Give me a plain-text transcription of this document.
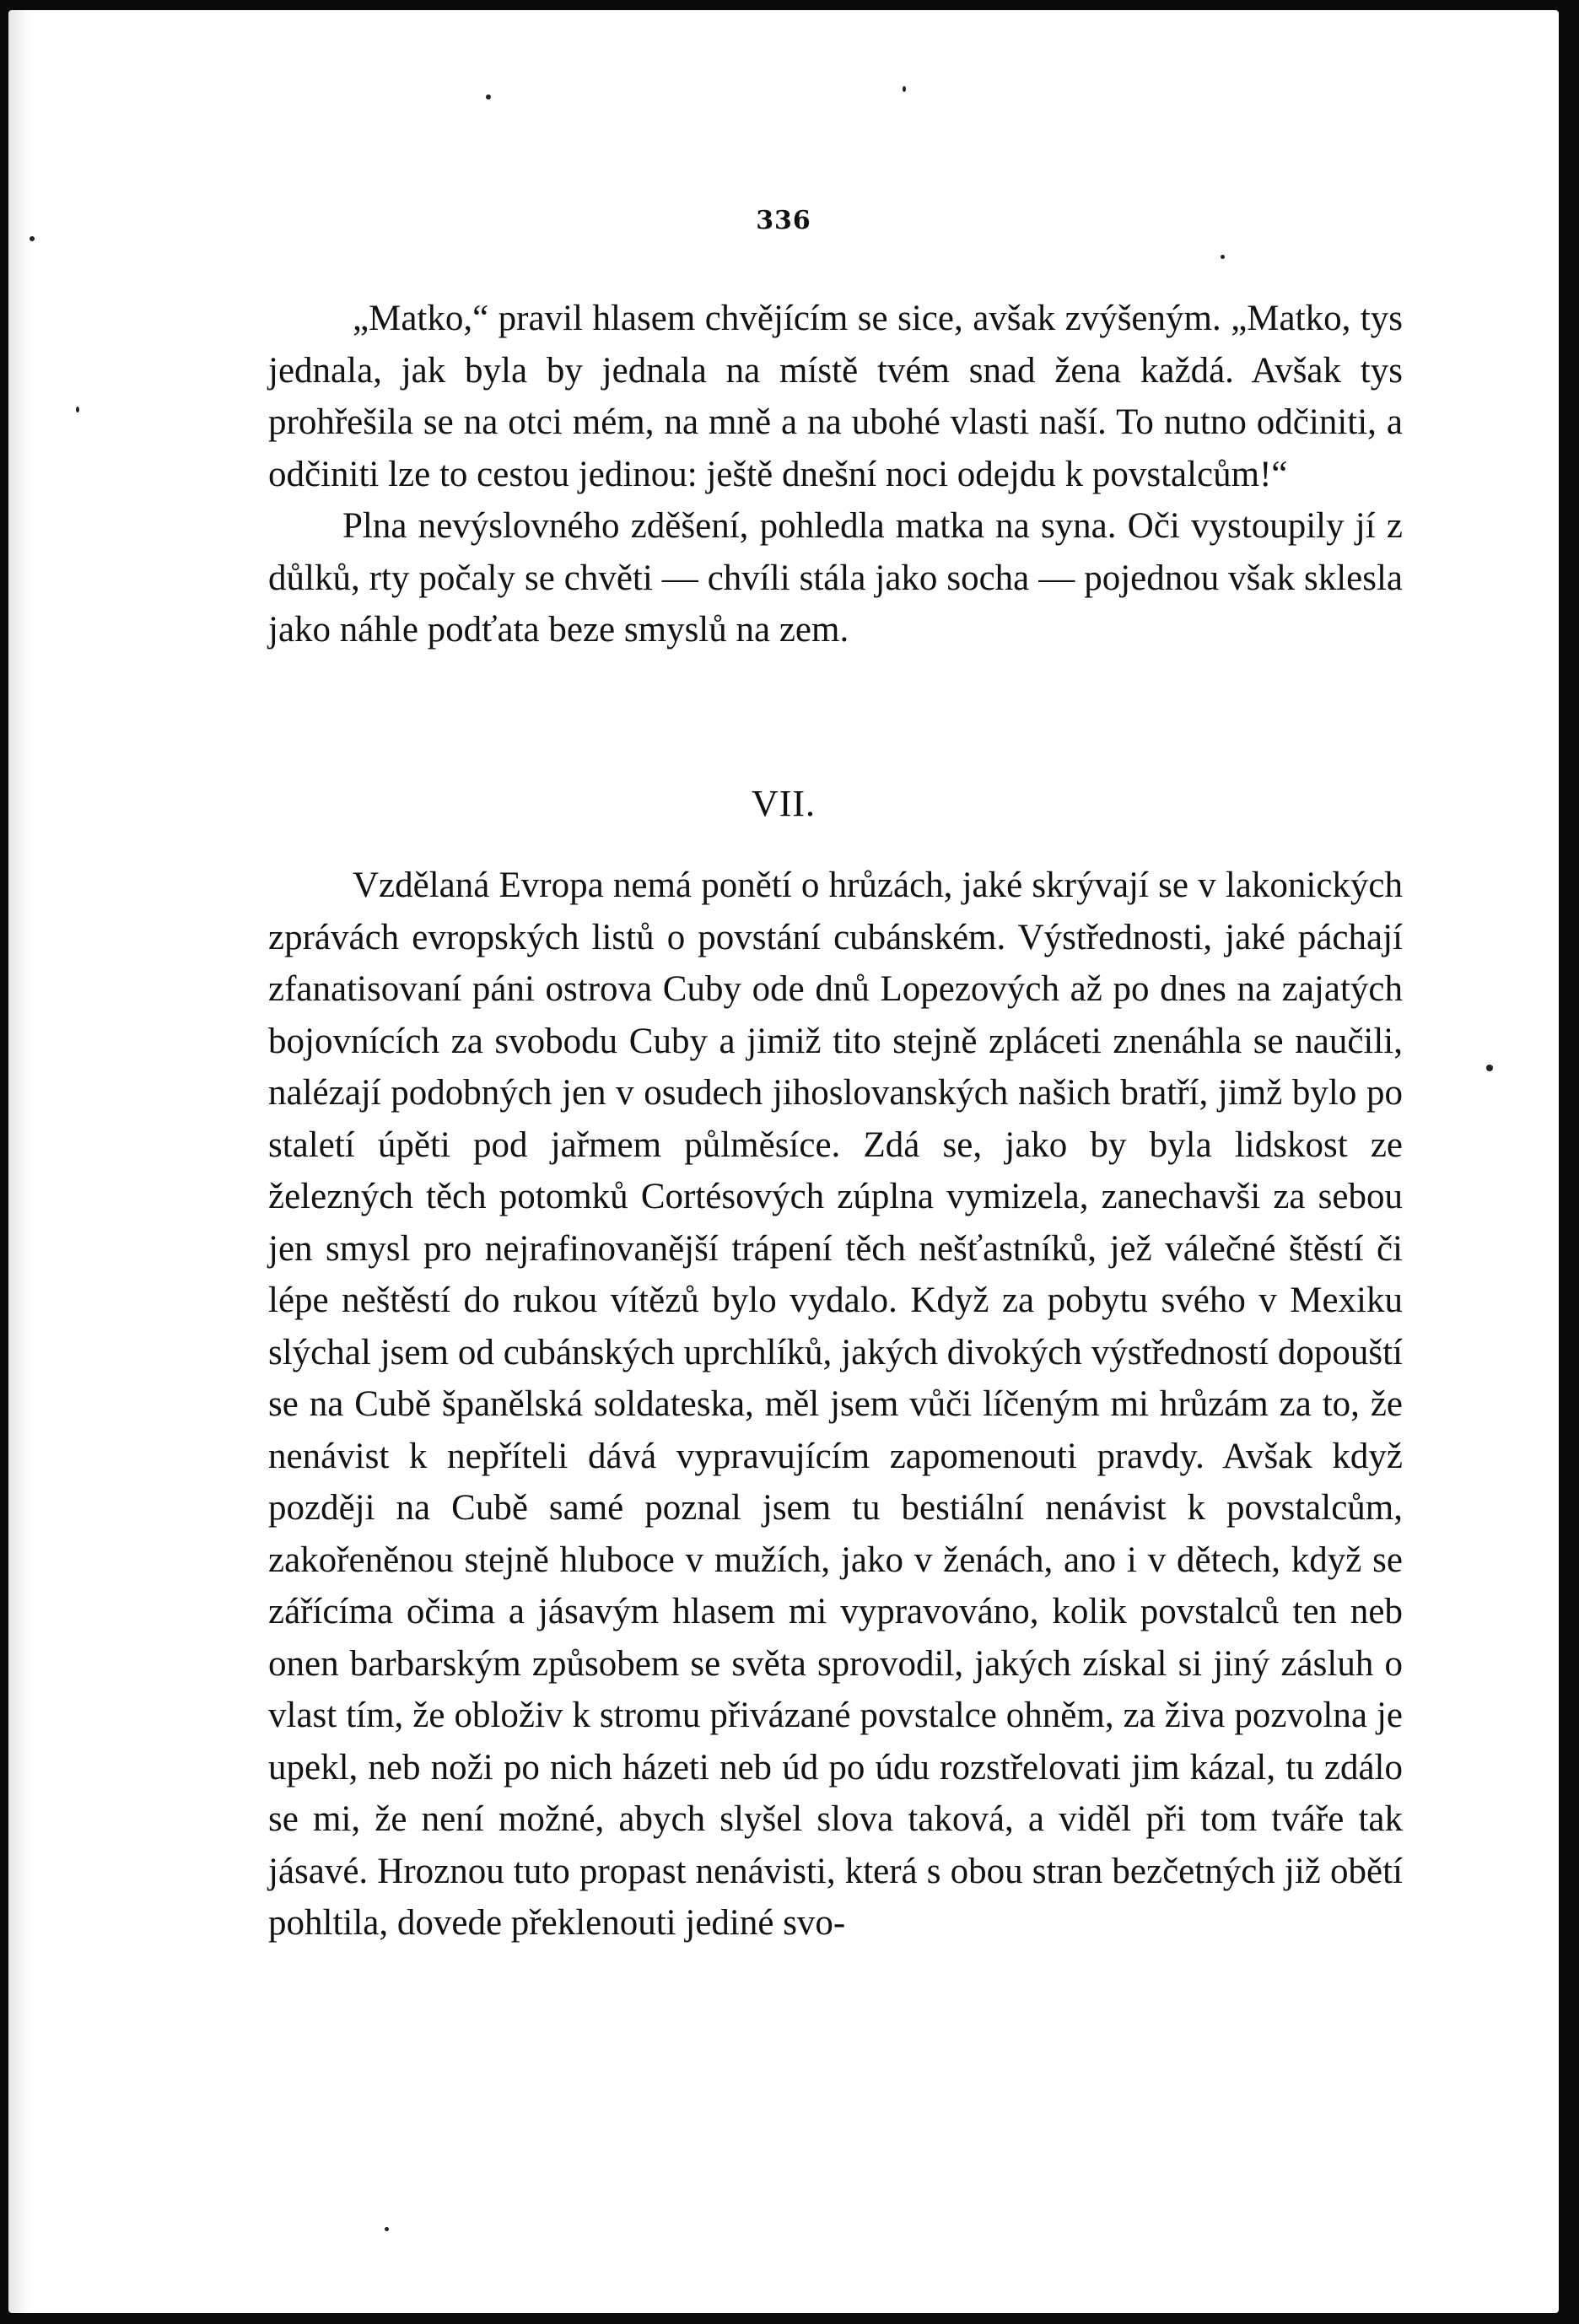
336

„Matko,“ pravil hlasem chvějícím se sice, avšak zvýšeným. „Matko, tys jednala, jak byla by jednala na místě tvém snad žena každá. Avšak tys prohřešila se na otci mém, na mně a na ubohé vlasti naší. To nutno odčiniti, a odčiniti lze to cestou jedinou: ještě dnešní noci odejdu k povstalcům!“

Plna nevýslovného zděšení, pohledla matka na syna. Oči vystoupily jí z důlků, rty počaly se chvěti — chvíli stála jako socha — pojednou však sklesla jako náhle podťata beze smyslů na zem.

VII.

Vzdělaná Evropa nemá ponětí o hrůzách, jaké skrývají se v lakonických zprávách evropských listů o povstání cubánském. Výstřednosti, jaké páchají zfanatisovaní páni ostrova Cuby ode dnů Lopezových až po dnes na zajatých bojovnících za svobodu Cuby a jimiž tito stejně zpláceti znenáhla se naučili, nalézají podobných jen v osudech jihoslovanských našich bratří, jimž bylo po staletí úpěti pod jařmem půlměsíce. Zdá se, jako by byla lidskost ze železných těch potomků Cortésových zúplna vymizela, zanechavši za sebou jen smysl pro nejrafinovanější trápení těch nešťastníků, jež válečné štěstí či lépe neštěstí do rukou vítězů bylo vydalo. Když za pobytu svého v Mexiku slýchal jsem od cubánských uprchlíků, jakých divokých výstředností dopouští se na Cubě španělská soldateska, měl jsem vůči líčeným mi hrůzám za to, že nenávist k nepříteli dává vypravujícím zapomenouti pravdy. Avšak když později na Cubě samé poznal jsem tu bestiální nenávist k povstalcům, zakořeněnou stejně hluboce v mužích, jako v ženách, ano i v dětech, když se zářícíma očima a jásavým hlasem mi vypravováno, kolik povstalců ten neb onen barbarským způsobem se světa sprovodil, jakých získal si jiný zásluh o vlast tím, že obloživ k stromu přivázané povstalce ohněm, za živa pozvolna je upekl, neb noži po nich házeti neb úd po údu rozstřelovati jim kázal, tu zdálo se mi, že není možné, abych slyšel slova taková, a viděl při tom tváře tak jásavé. Hroznou tuto propast nenávisti, která s obou stran bezčetných již obětí pohltila, dovede překlenouti jediné svo-
